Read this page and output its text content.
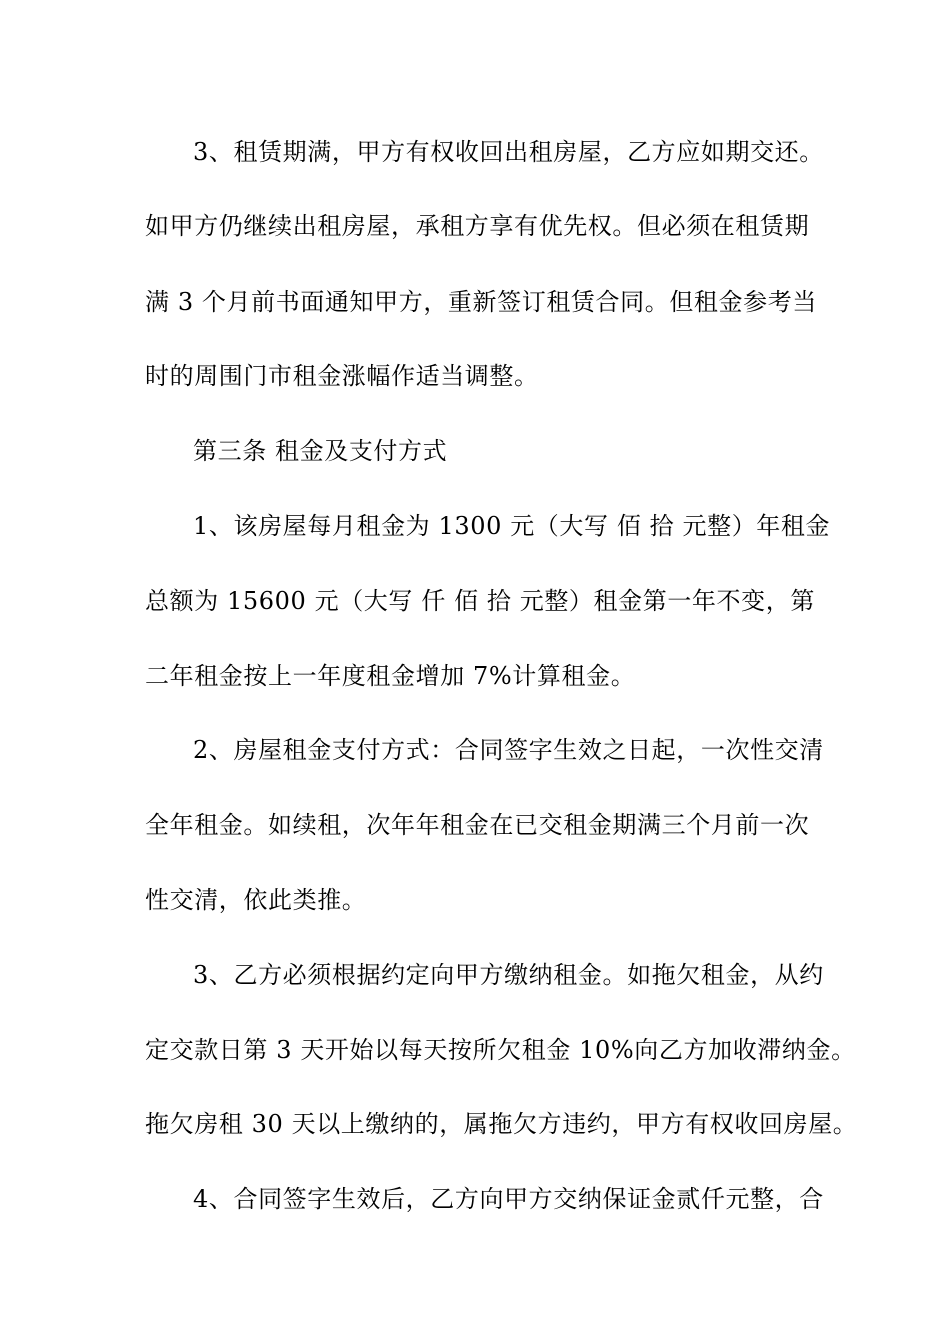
3、租赁期满，甲方有权收回出租房屋，乙方应如期交还。
如甲方仍继续出租房屋，承租方享有优先权。但必须在租赁期
满 3 个月前书面通知甲方，重新签订租赁合同。但租金参考当
时的周围门市租金涨幅作适当调整。
第三条 租金及支付方式
1、该房屋每月租金为 1300 元（大写 佰 拾 元整）年租金
总额为 15600 元（大写 仟 佰 拾 元整）租金第一年不变，第
二年租金按上一年度租金增加 7%计算租金。
2、房屋租金支付方式：合同签字生效之日起，一次性交清
全年租金。如续租，次年年租金在已交租金期满三个月前一次
性交清，依此类推。
3、乙方必须根据约定向甲方缴纳租金。如拖欠租金，从约
定交款日第 3 天开始以每天按所欠租金 10%向乙方加收滞纳金。
拖欠房租 30 天以上缴纳的，属拖欠方违约，甲方有权收回房屋。
4、合同签字生效后，乙方向甲方交纳保证金贰仟元整，合
